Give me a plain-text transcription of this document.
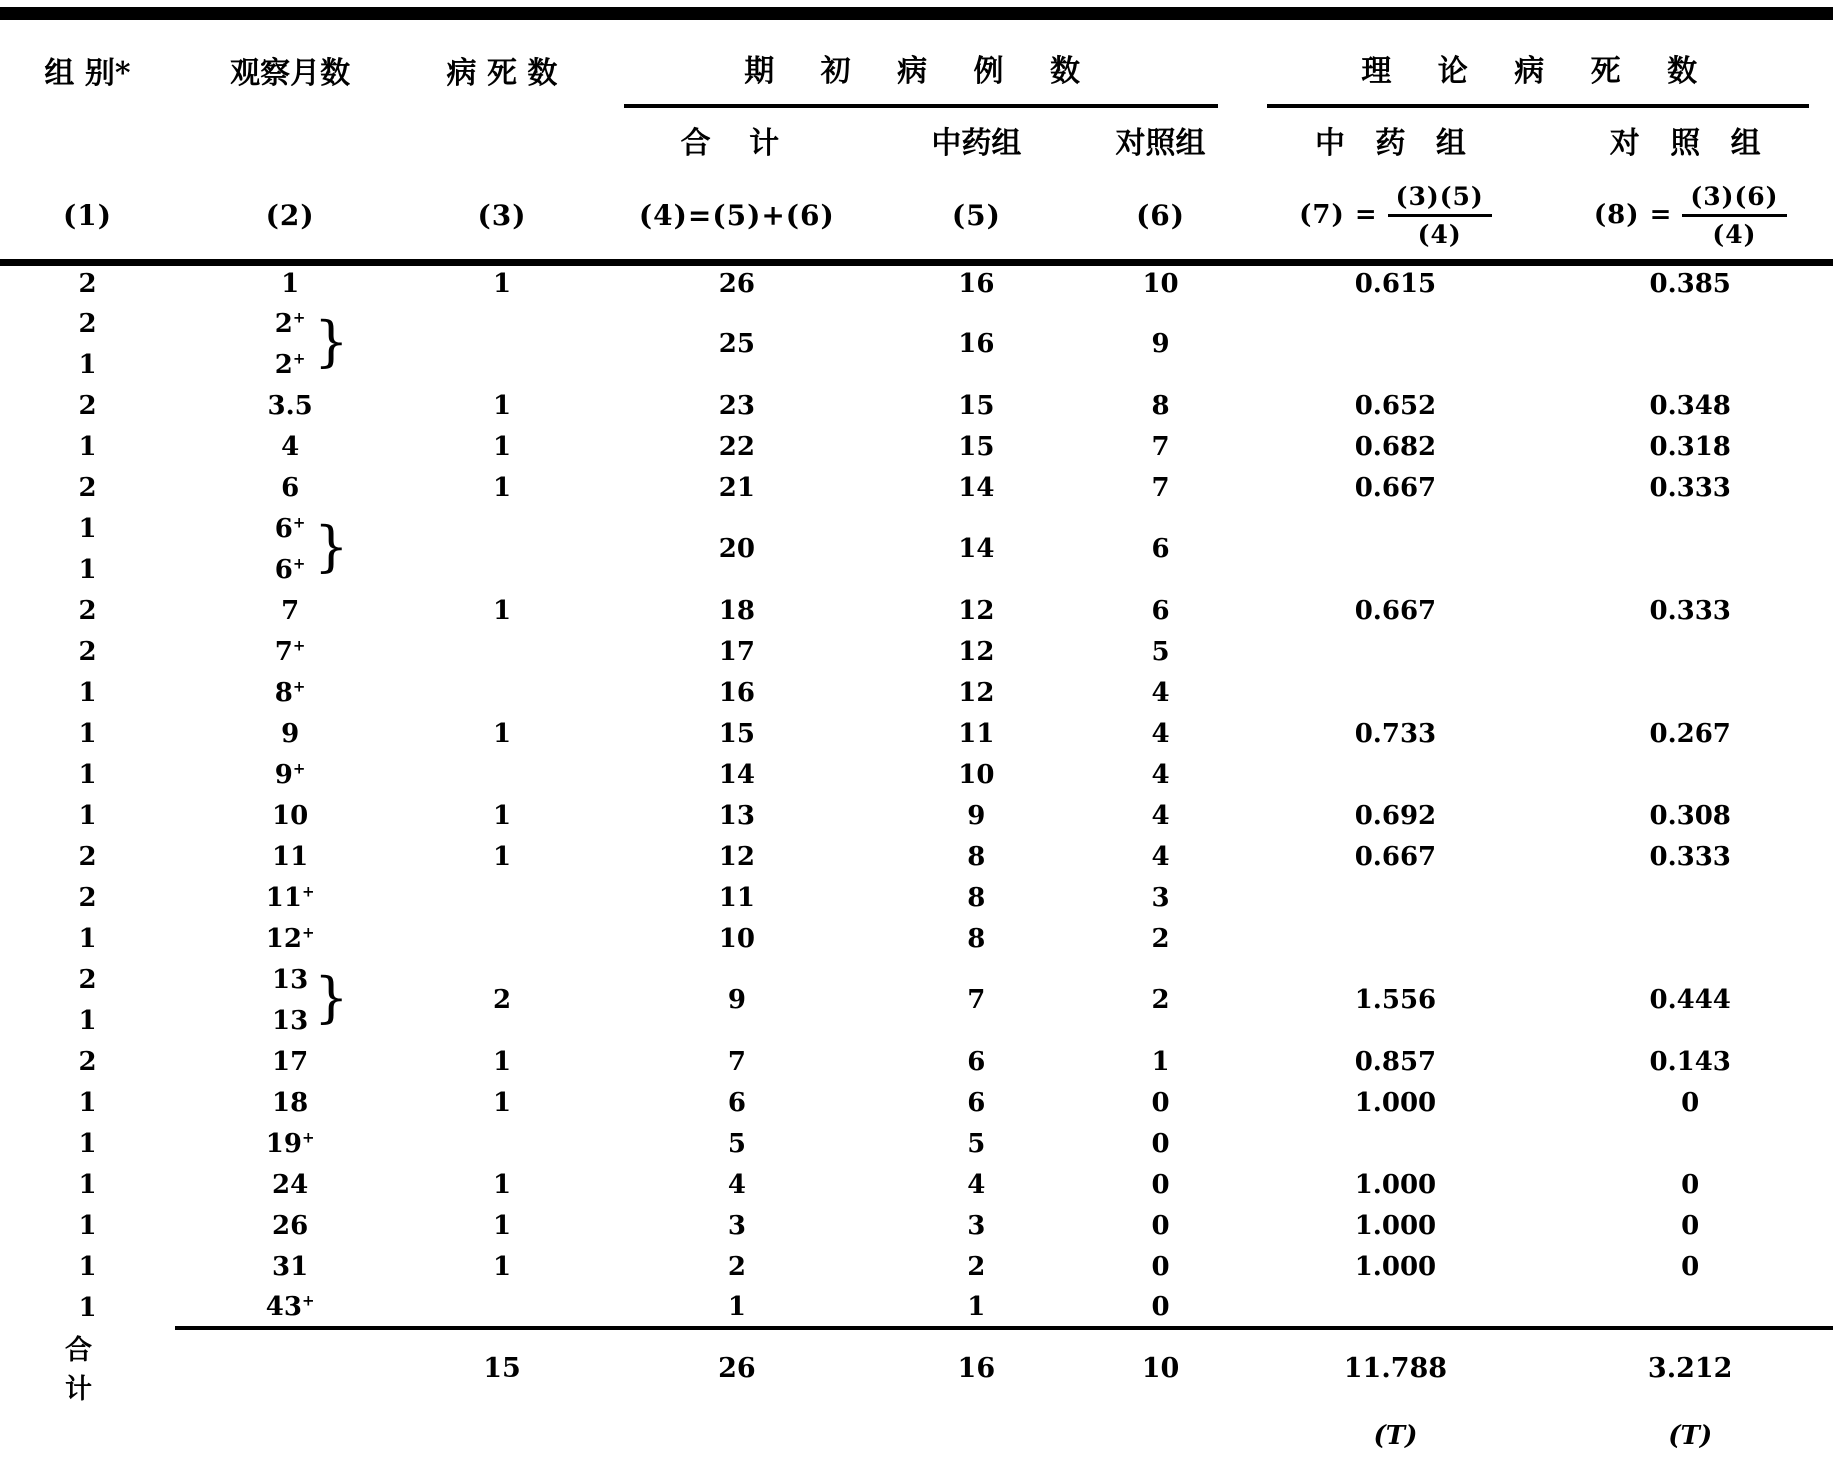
组 别*	观察月数	病 死 数	期 初 病 例 数			理 论 病 死 数	

			合 计	中药组	对照组	中 药 组	对 照 组
(1)	(2)	(3)	(4)=(5)+(6)	(5)	(6)	$(7) = \frac{(3)(5)}{(4)}$	$(8) = \frac{(3)(6)}{(4)}$

2	1	1	26	16	10	0.615	0.385
2	2+ }		25	16	9		
1	2+
2	3.5	1	23	15	8	0.652	0.348
1	4	1	22	15	7	0.682	0.318
2	6	1	21	14	7	0.667	0.333
1	6+ }		20	14	6		
1	6+
2	7	1	18	12	6	0.667	0.333
2	7+		17	12	5		
1	8+		16	12	4		
1	9	1	15	11	4	0.733	0.267
1	9+		14	10	4		
1	10	1	13	9	4	0.692	0.308
2	11	1	12	8	4	0.667	0.333
2	11+		11	8	3		
1	12+		10	8	2		
2	13 }	2	9	7	2	1.556	0.444
1	13						
2	17	1	7	6	1	0.857	0.143
1	18	1	6	6	0	1.000	0
1	19+		5	5	0		
1	24	1	4	4	0	1.000	0
1	26	1	3	3	0	1.000	0
1	31	1	2	2	0	1.000	0
1	43+		1	1	0		
合 计		15	26	16	10	11.788	3.212
						(T)	(T)
